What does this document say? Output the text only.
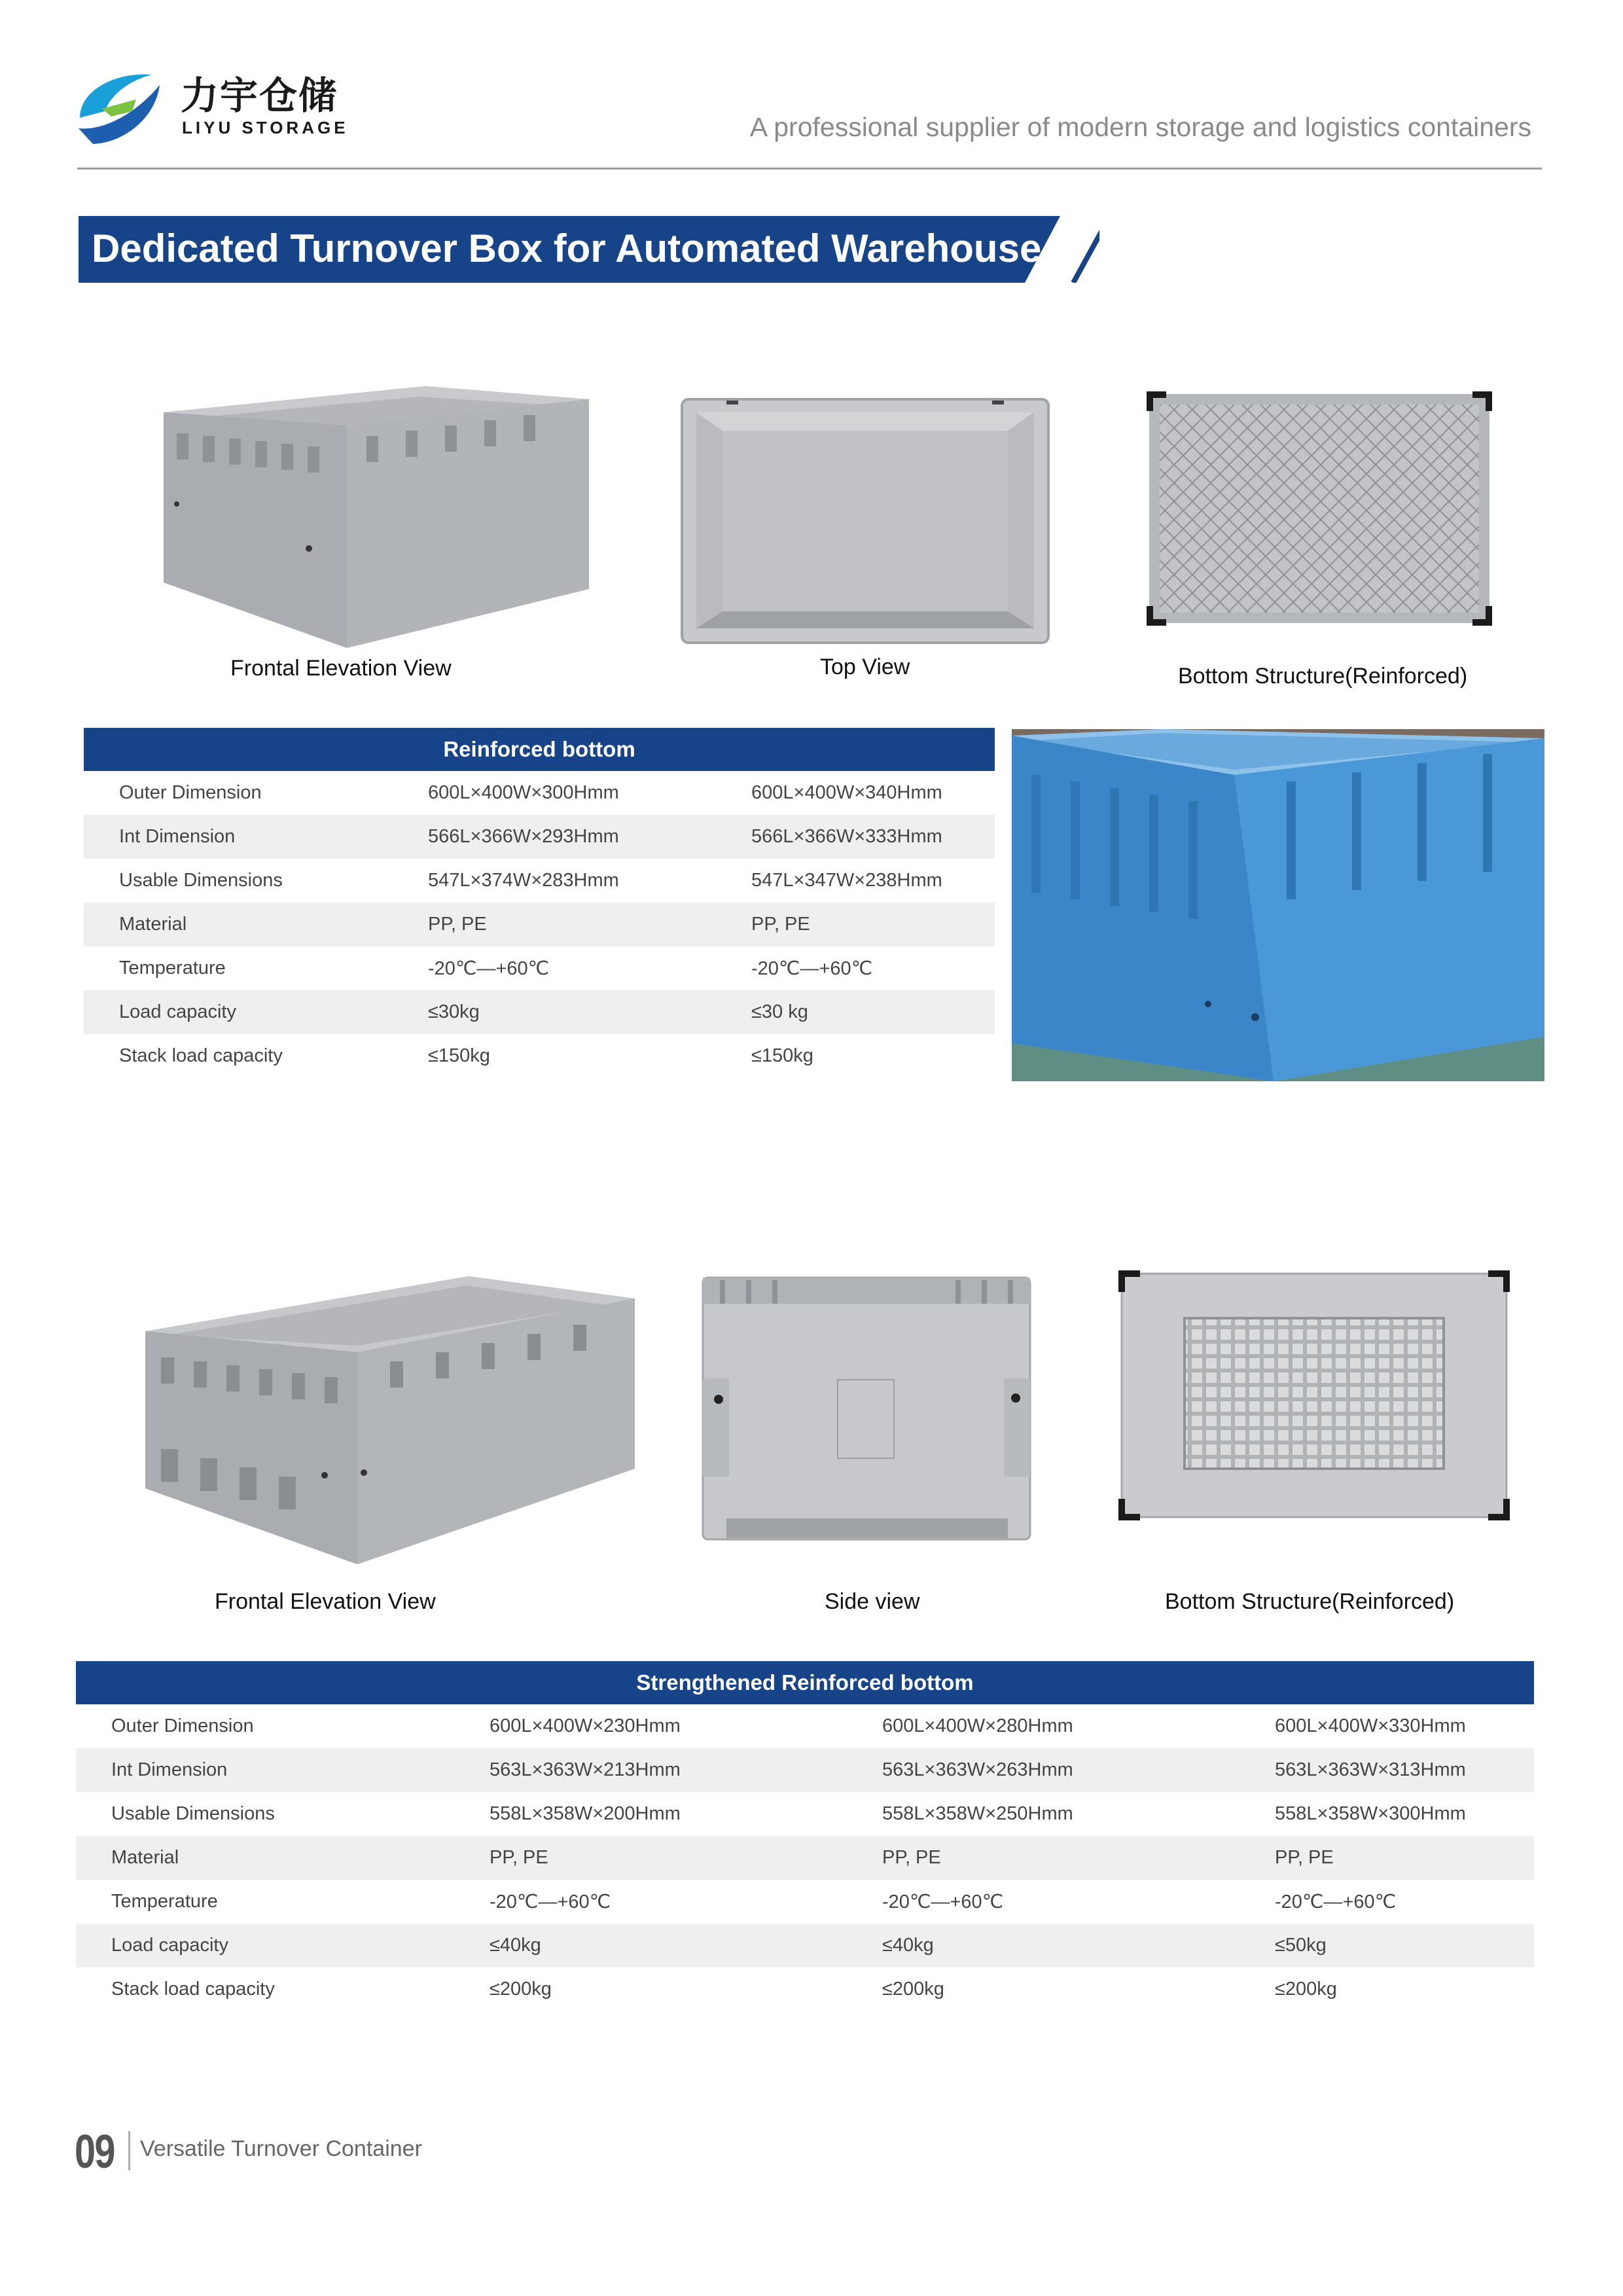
力宇仓储
LIYU STORAGE	A professional supplier of modern storage and logistics containers
Dedicated Turnover Box for Automated Warehouse
Frontal Elevation View	Top View	Bottom Structure(Reinforced)
Reinforced bottom		
Outer Dimension	600L×400W×300Hmm	600L×400W×340Hmm
Int Dimension	566L×366W×293Hmm	566L×366W×333Hmm
Usable Dimensions	547L×374W×283Hmm	547L×347W×238Hmm
Material	PP, PE	PP, PE
Temperature	-20℃—+60℃	-20℃—+60℃
Load capacity	≤30kg	≤30 kg
Stack load capacity	≤150kg	≤150kg
Frontal Elevation View	Side view	Bottom Structure(Reinforced)
Strengthened Reinforced bottom			
Outer Dimension	600L×400W×230Hmm	600L×400W×280Hmm	600L×400W×330Hmm
Int Dimension	563L×363W×213Hmm	563L×363W×263Hmm	563L×363W×313Hmm
Usable Dimensions	558L×358W×200Hmm	558L×358W×250Hmm	558L×358W×300Hmm
Material	PP, PE	PP, PE	PP, PE
Temperature	-20℃—+60℃	-20℃—+60℃	-20℃—+60℃
Load capacity	≤40kg	≤40kg	≤50kg
Stack load capacity	≤200kg	≤200kg	≤200kg
09 Versatile Turnover Container
